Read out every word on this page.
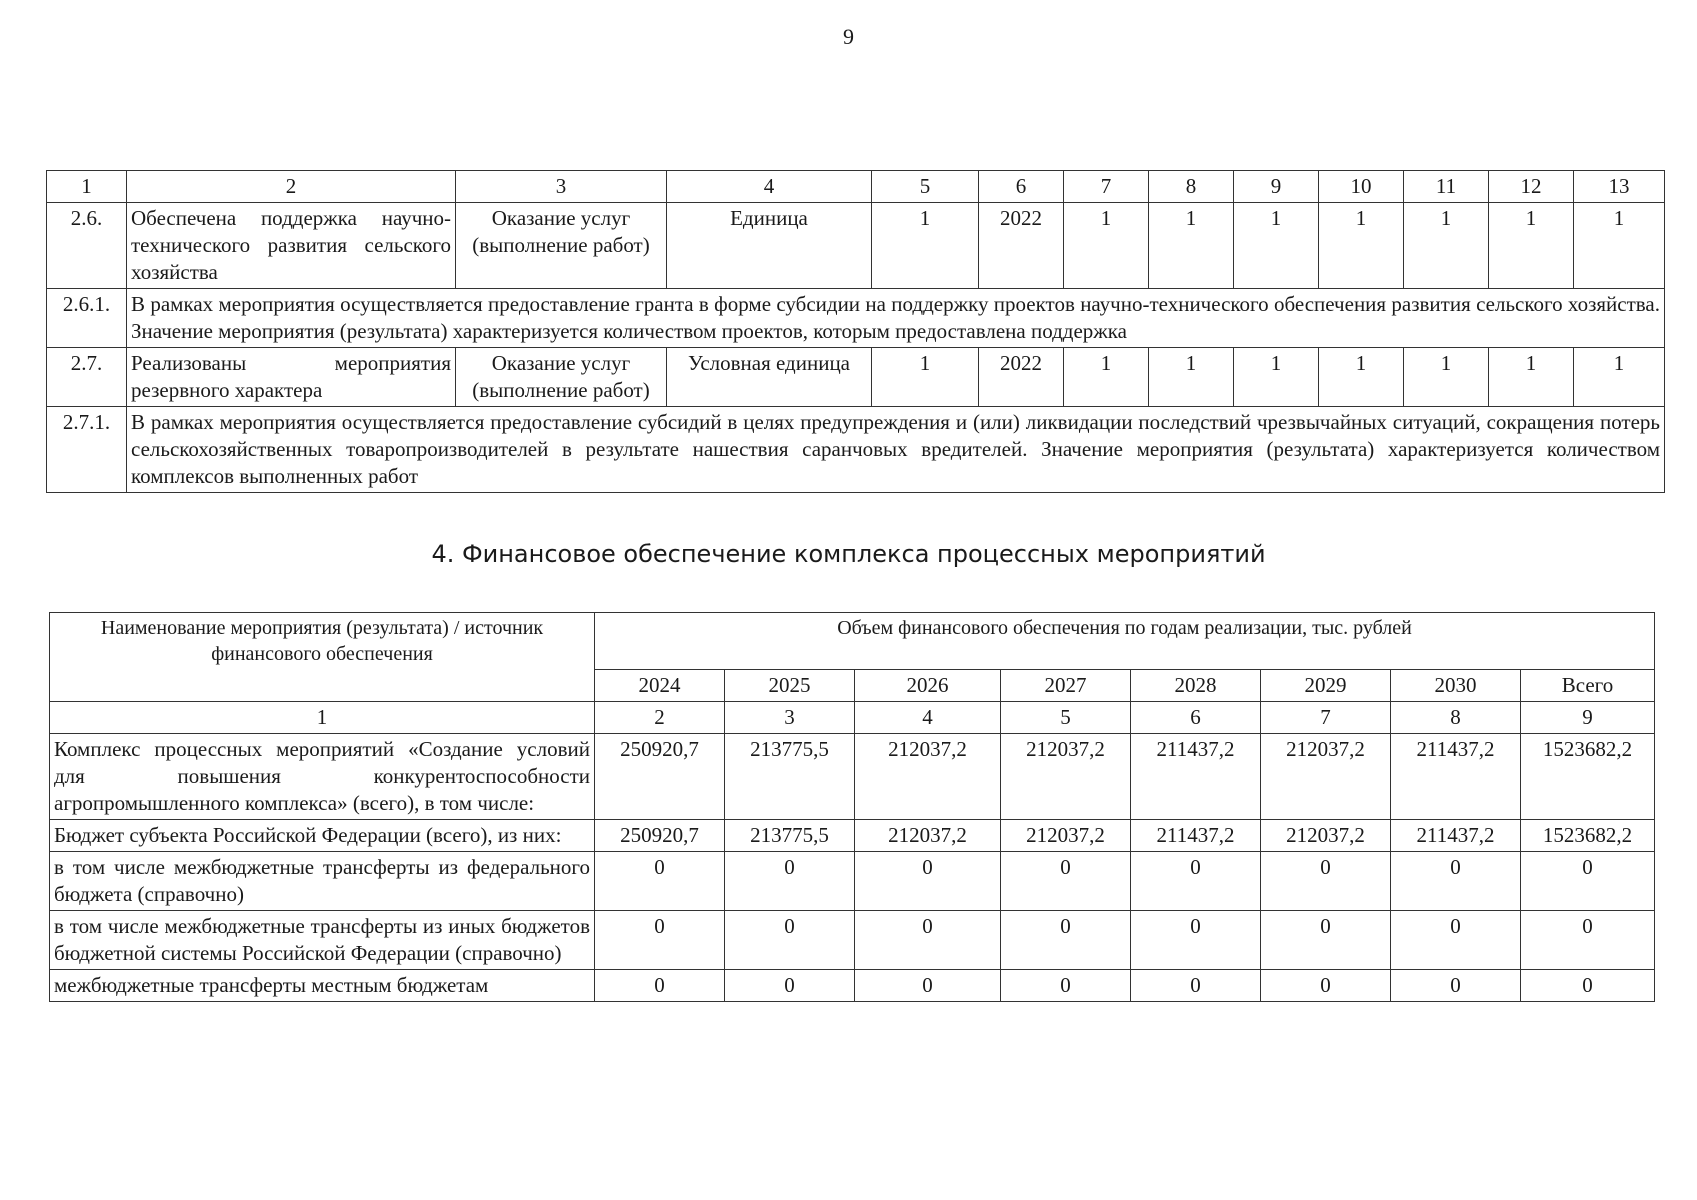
9
1	2	3	4	5	6	7	8	9	10	11	12	13
2.6.	Обеспечена поддержка научно-технического развития сельского хозяйства	Оказание услуг (выполнение работ)	Единица	1	2022	1	1	1	1	1	1	1
2.6.1.	В рамках мероприятия осуществляется предоставление гранта в форме субсидии на поддержку проектов научно-технического обеспечения развития сельского хозяйства. Значение мероприятия (результата) характеризуется количеством проектов, которым предоставлена поддержка											
2.7.	Реализованы мероприятия резервного характера	Оказание услуг (выполнение работ)	Условная единица	1	2022	1	1	1	1	1	1	1
2.7.1.	В рамках мероприятия осуществляется предоставление субсидий в целях предупреждения и (или) ликвидации последствий чрезвычайных ситуаций, сокращения потерь сельскохозяйственных товаропроизводителей в результате нашествия саранчовых вредителей. Значение мероприятия (результата) характеризуется количеством комплексов выполненных работ											
4. Финансовое обеспечение комплекса процессных мероприятий
Наименование мероприятия (результата) / источник финансового обеспечения	Объем финансового обеспечения по годам реализации, тыс. рублей							
	2024	2025	2026	2027	2028	2029	2030	Всего
1	2	3	4	5	6	7	8	9
Комплекс процессных мероприятий «Создание условий для повышения конкурентоспособности агропромышленного комплекса» (всего), в том числе:	250920,7	213775,5	212037,2	212037,2	211437,2	212037,2	211437,2	1523682,2
Бюджет субъекта Российской Федерации (всего), из них:	250920,7	213775,5	212037,2	212037,2	211437,2	212037,2	211437,2	1523682,2
в том числе межбюджетные трансферты из федерального бюджета (справочно)	0	0	0	0	0	0	0	0
в том числе межбюджетные трансферты из иных бюджетов бюджетной системы Российской Федерации (справочно)	0	0	0	0	0	0	0	0
межбюджетные трансферты местным бюджетам	0	0	0	0	0	0	0	0
